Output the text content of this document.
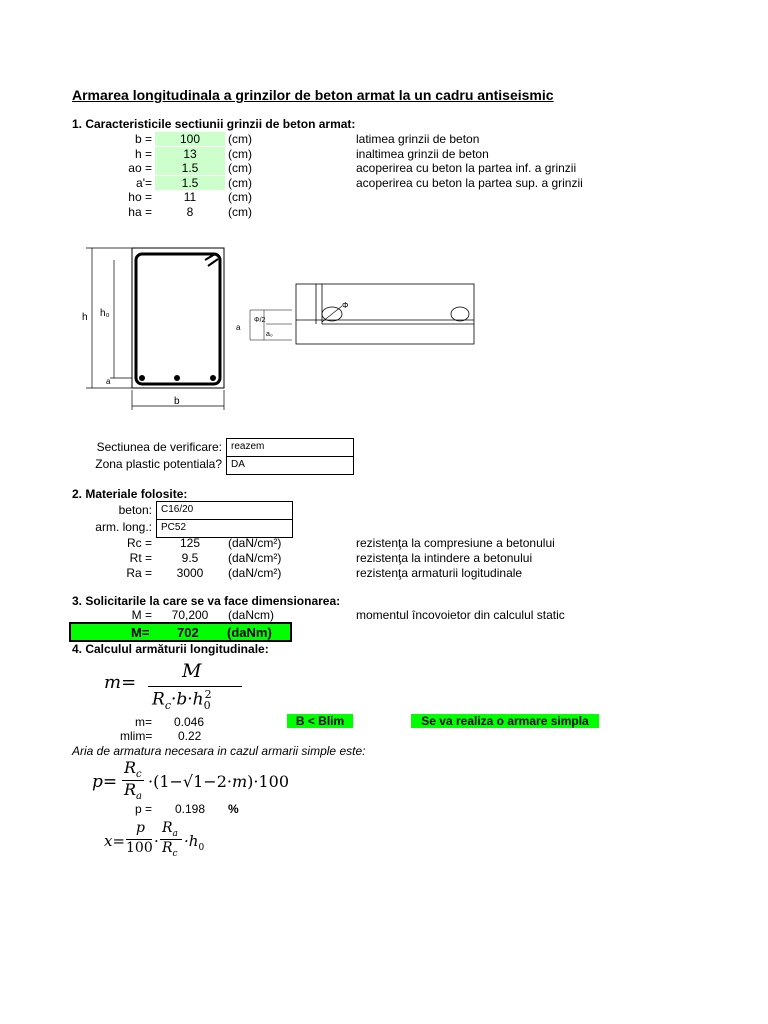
Armarea longitudinala a grinzilor de beton armat la un cadru antiseismic
1. Caracteristicile sectiunii grinzii de beton armat:
b =	100	(cm)	latimea grinzii de beton
h =	13	(cm)	inaltimea grinzii de beton
ao =	1.5	(cm)	acoperirea cu beton la partea inf. a grinzii
a'=	1.5	(cm)	acoperirea cu beton la partea sup. a grinzii
ho =	11	(cm)
ha =	8	(cm)
h h₀
a
b
Φ
a
Φ/2
a₀
Sectiunea de verificare: reazem
Zona plastic potentiala? DA
2. Materiale folosite:
beton: C16/20
arm. long.: PC52
Rc =	125	(daN/cm²)	rezistenţa la compresiune a betonului
Rt =	9.5	(daN/cm²)	rezistenţa la intindere a betonului
Ra =	3000	(daN/cm²)	rezistenţa armaturii logitudinale
3. Solicitarile la care se va face dimensionarea:
M =	70,200	(daNcm)	momentul încovoietor din calculul static
M= 702 (daNm)
4. Calculul armăturii longitudinale:
m=
M
$R_c\cdot b\cdot h_0^2$
m= 0.046	B < Blim	Se va realiza o armare simpla
mlim= 0.22
Aria de armatura necesara in cazul armarii simple este:
p=
$R_c$
$R_a$
·(1−√1−2·m)·100
p = 0.198 %
x=
p
100 ·
$R_a$
$R_c$
$\cdot h_0$
